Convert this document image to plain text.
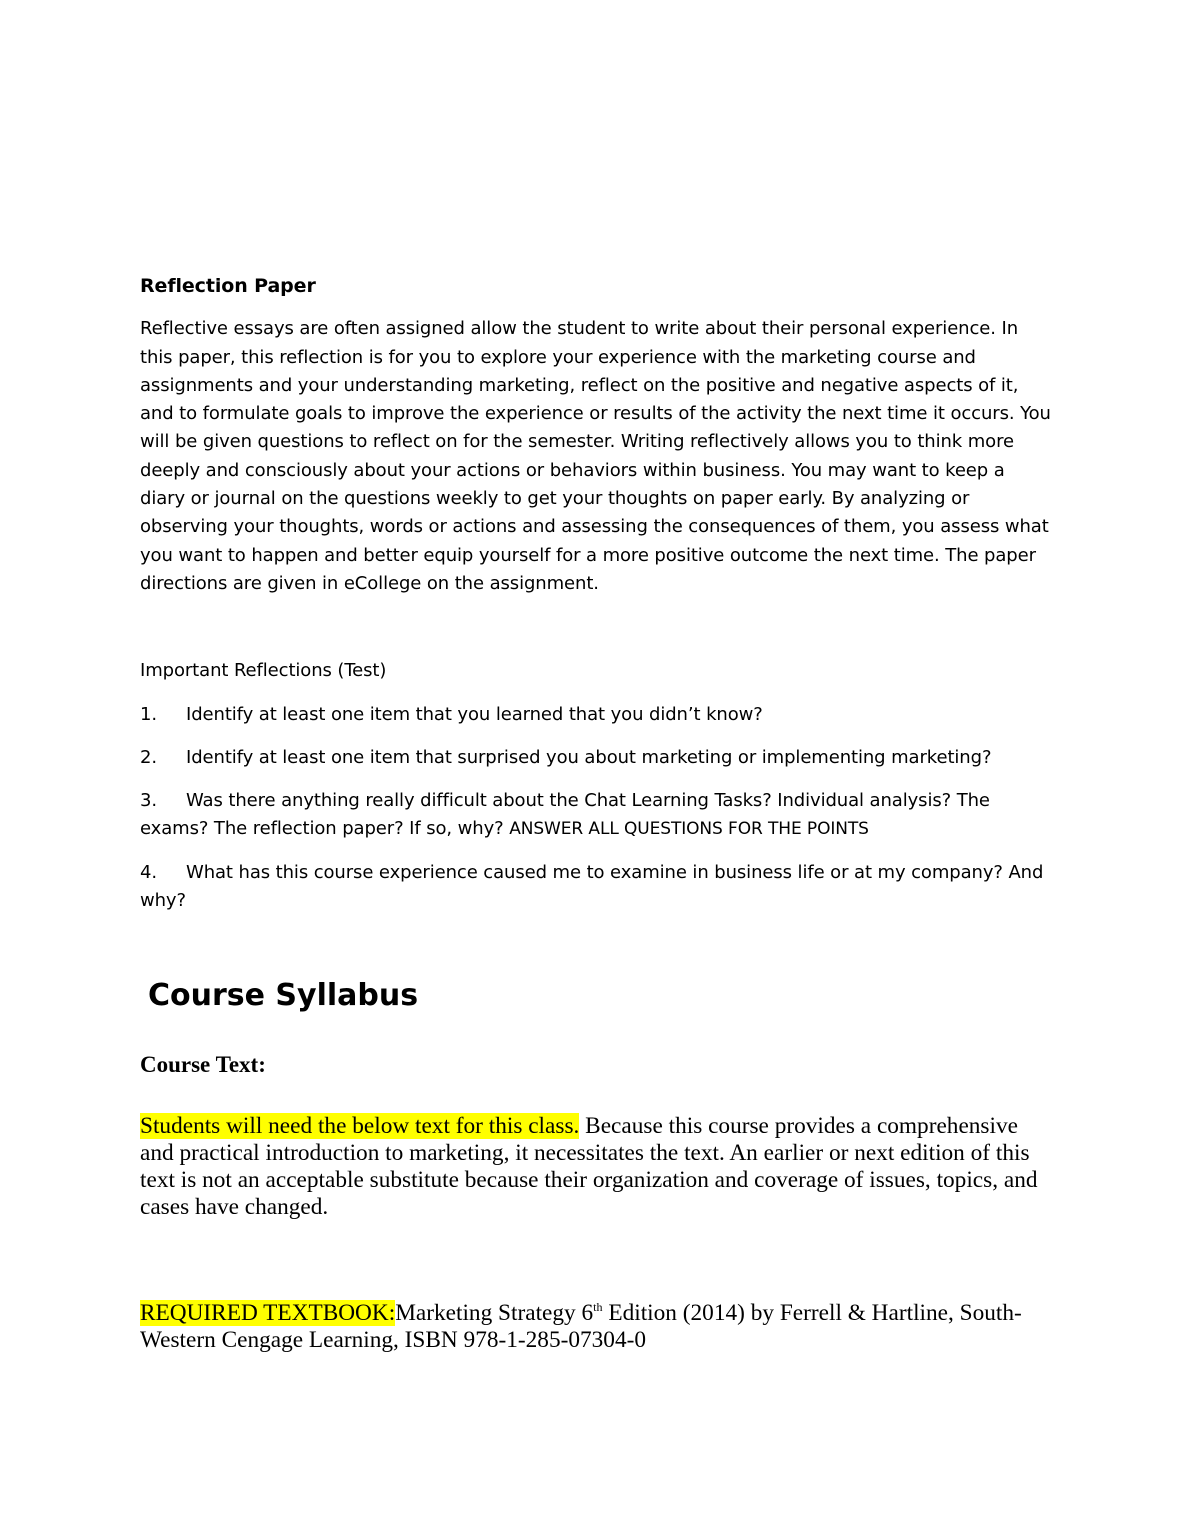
Reflection Paper

Reflective essays are often assigned allow the student to write about their personal experience. In this paper, this reflection is for you to explore your experience with the marketing course and assignments and your understanding marketing, reflect on the positive and negative aspects of it, and to formulate goals to improve the experience or results of the activity the next time it occurs. You will be given questions to reflect on for the semester. Writing reflectively allows you to think more deeply and consciously about your actions or behaviors within business. You may want to keep a diary or journal on the questions weekly to get your thoughts on paper early. By analyzing or observing your thoughts, words or actions and assessing the consequences of them, you assess what you want to happen and better equip yourself for a more positive outcome the next time. The paper directions are given in eCollege on the assignment.

Important Reflections (Test)

1. Identify at least one item that you learned that you didn’t know?

2. Identify at least one item that surprised you about marketing or implementing marketing?

3. Was there anything really difficult about the Chat Learning Tasks? Individual analysis? The exams? The reflection paper? If so, why? ANSWER ALL QUESTIONS FOR THE POINTS

4. What has this course experience caused me to examine in business life or at my company? And why?

Course Syllabus

Course Text:

Students will need the below text for this class. Because this course provides a comprehensive and practical introduction to marketing, it necessitates the text. An earlier or next edition of this text is not an acceptable substitute because their organization and coverage of issues, topics, and cases have changed.

REQUIRED TEXTBOOK:Marketing Strategy 6th Edition (2014) by Ferrell & Hartline, South-Western Cengage Learning, ISBN 978-1-285-07304-0
